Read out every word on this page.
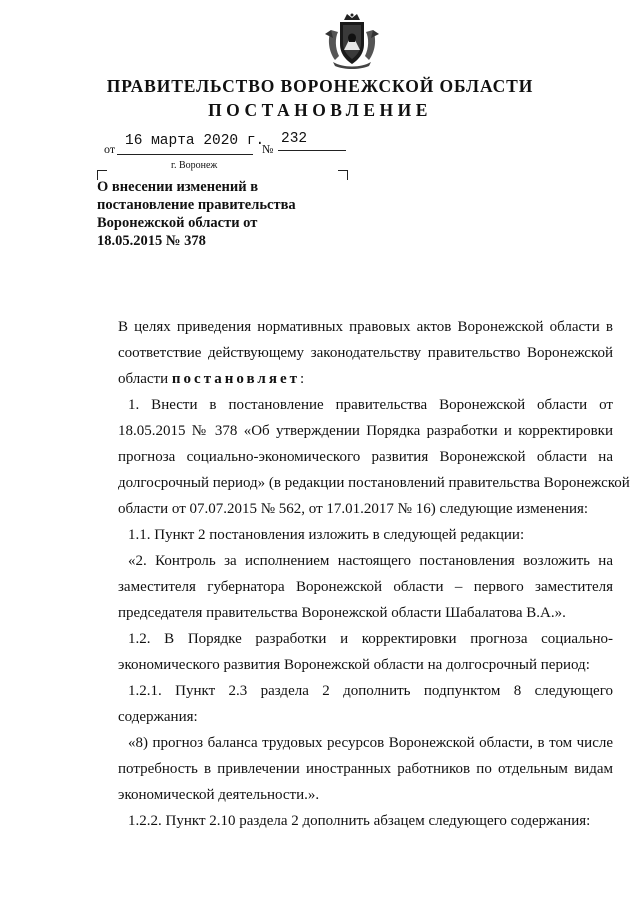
ПРАВИТЕЛЬСТВО ВОРОНЕЖСКОЙ ОБЛАСТИ
ПОСТАНОВЛЕНИЕ
от 16 марта 2020 г.
№
232
г. Воронеж
О внесении изменений в
постановление правительства
Воронежской области от
18.05.2015 № 378
В целях приведения нормативных правовых актов Воронежской области в
соответствие действующему законодательству правительство Воронежской
области постановляет:
1. Внести в постановление правительства Воронежской области от
18.05.2015 № 378 «Об утверждении Порядка разработки и корректировки
прогноза социально-экономического развития Воронежской области на
долгосрочный период» (в редакции постановлений правительства Воронежской
области от 07.07.2015 № 562, от 17.01.2017 № 16) следующие изменения:
1.1. Пункт 2 постановления изложить в следующей редакции:
«2. Контроль за исполнением настоящего постановления возложить на
заместителя губернатора Воронежской области – первого заместителя
председателя правительства Воронежской области Шабалатова В.А.».
1.2. В Порядке разработки и корректировки прогноза социально-
экономического развития Воронежской области на долгосрочный период:
1.2.1. Пункт 2.3 раздела 2 дополнить подпунктом 8 следующего
содержания:
«8) прогноз баланса трудовых ресурсов Воронежской области, в том числе
потребность в привлечении иностранных работников по отдельным видам
экономической деятельности.».
1.2.2. Пункт 2.10 раздела 2 дополнить абзацем следующего содержания:
